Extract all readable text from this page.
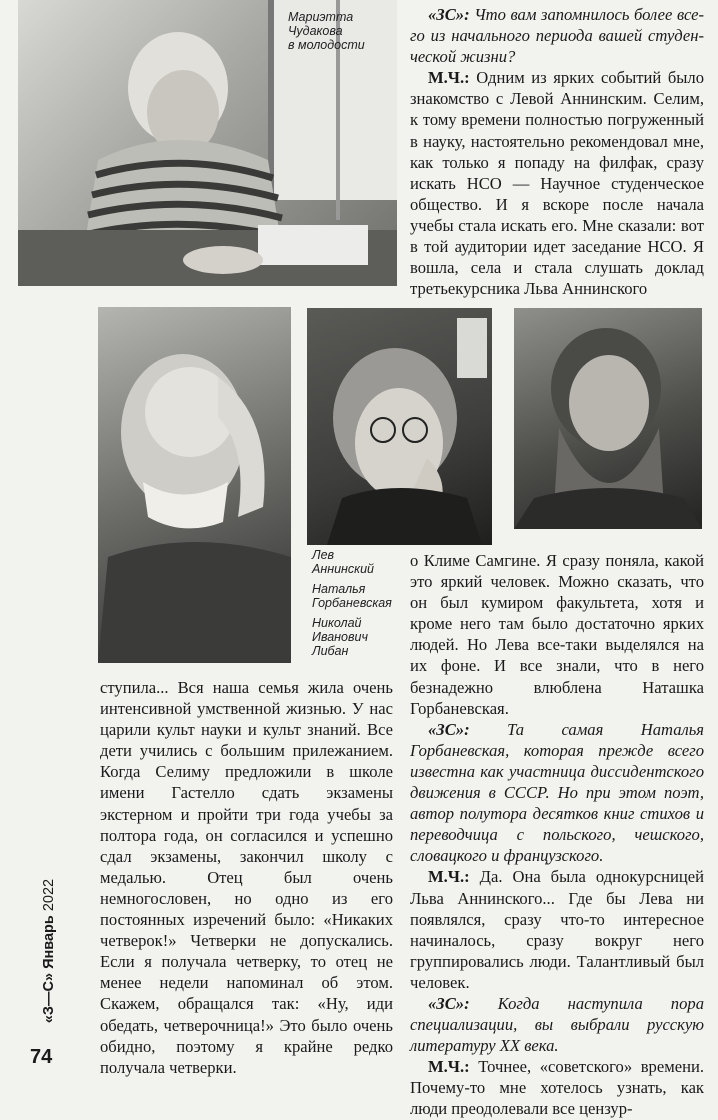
Мариэтта
Чудакова
в молодости

«ЗС»: Что вам запомнилось более все-го из начального периода вашей студен-ческой жизни?

М.Ч.: Одним из ярких событий было знакомство с Левой Аннинским. Селим, к тому времени полностью погруженный в науку, настоятельно рекомендовал мне, как только я попаду на филфак, сразу искать НСО — Научное студенческое общество. И я вскоре после начала учебы стала искать его. Мне сказали: вот в той аудитории идет заседание НСО. Я вошла, села и стала слушать доклад третьекурсника Льва Аннинского

Лев
Аннинский
Наталья
Горбаневская
Николай
Иванович
Либан

о Климе Самгине. Я сразу поняла, какой это яркий человек. Можно сказать, что он был кумиром факультета, хотя и кроме него там было достаточно ярких людей. Но Лева все-таки выделялся на их фоне. И все знали, что в него безнадежно влюблена Наташка Горбаневская.

«ЗС»: Та самая Наталья Горбаневская, которая прежде всего известна как участница диссидентского движения в СССР. Но при этом поэт, автор полутора десятков книг стихов и переводчица с польского, чешского, словацкого и французского.

М.Ч.: Да. Она была однокурсницей Льва Аннинского... Где бы Лева ни появлялся, сразу что-то интересное начиналось, сразу вокруг него группировались люди. Талантливый был человек.

«ЗС»: Когда наступила пора специализации, вы выбрали русскую литературу XX века.

М.Ч.: Точнее, «советского» времени. Почему-то мне хотелось узнать, как люди преодолевали все цензур-

ступила... Вся наша семья жила очень интенсивной умственной жизнью. У нас царили культ науки и культ знаний. Все дети учились с большим прилежанием. Когда Селиму предложили в школе имени Гастелло сдать экзамены экстерном и пройти три года учебы за полтора года, он согласился и успешно сдал экзамены, закончил школу с медалью. Отец был очень немногословен, но одно из его постоянных изречений было: «Никаких четверок!» Четверки не допускались. Если я получала четверку, то отец не менее недели напоминал об этом. Скажем, обращался так: «Ну, иди обедать, четверочница!» Это было очень обидно, поэтому я крайне редко получала четверки.

«З—С» Январь 2022
74
